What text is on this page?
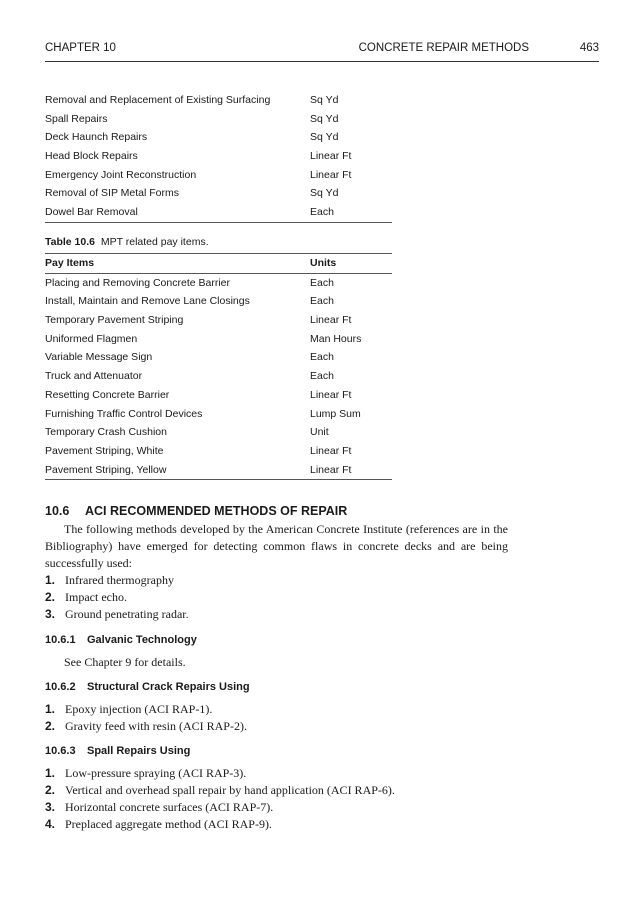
CHAPTER 10	CONCRETE REPAIR METHODS	463
Removal and Replacement of Existing Surfacing	Sq Yd
Spall Repairs	Sq Yd
Deck Haunch Repairs	Sq Yd
Head Block Repairs	Linear Ft
Emergency Joint Reconstruction	Linear Ft
Removal of SIP Metal Forms	Sq Yd
Dowel Bar Removal	Each
Table 10.6 MPT related pay items.
Pay Items	Units
Placing and Removing Concrete Barrier	Each
Install, Maintain and Remove Lane Closings	Each
Temporary Pavement Striping	Linear Ft
Uniformed Flagmen	Man Hours
Variable Message Sign	Each
Truck and Attenuator	Each
Resetting Concrete Barrier	Linear Ft
Furnishing Traffic Control Devices	Lump Sum
Temporary Crash Cushion	Unit
Pavement Striping, White	Linear Ft
Pavement Striping, Yellow	Linear Ft
10.6 ACI RECOMMENDED METHODS OF REPAIR
The following methods developed by the American Concrete Institute (references are in the Bibliography) have emerged for detecting common flaws in concrete decks and are being successfully used:
1. Infrared thermography
2. Impact echo.
3. Ground penetrating radar.
10.6.1 Galvanic Technology
See Chapter 9 for details.
10.6.2 Structural Crack Repairs Using
1. Epoxy injection (ACI RAP-1).
2. Gravity feed with resin (ACI RAP-2).
10.6.3 Spall Repairs Using
1. Low-pressure spraying (ACI RAP-3).
2. Vertical and overhead spall repair by hand application (ACI RAP-6).
3. Horizontal concrete surfaces (ACI RAP-7).
4. Preplaced aggregate method (ACI RAP-9).
